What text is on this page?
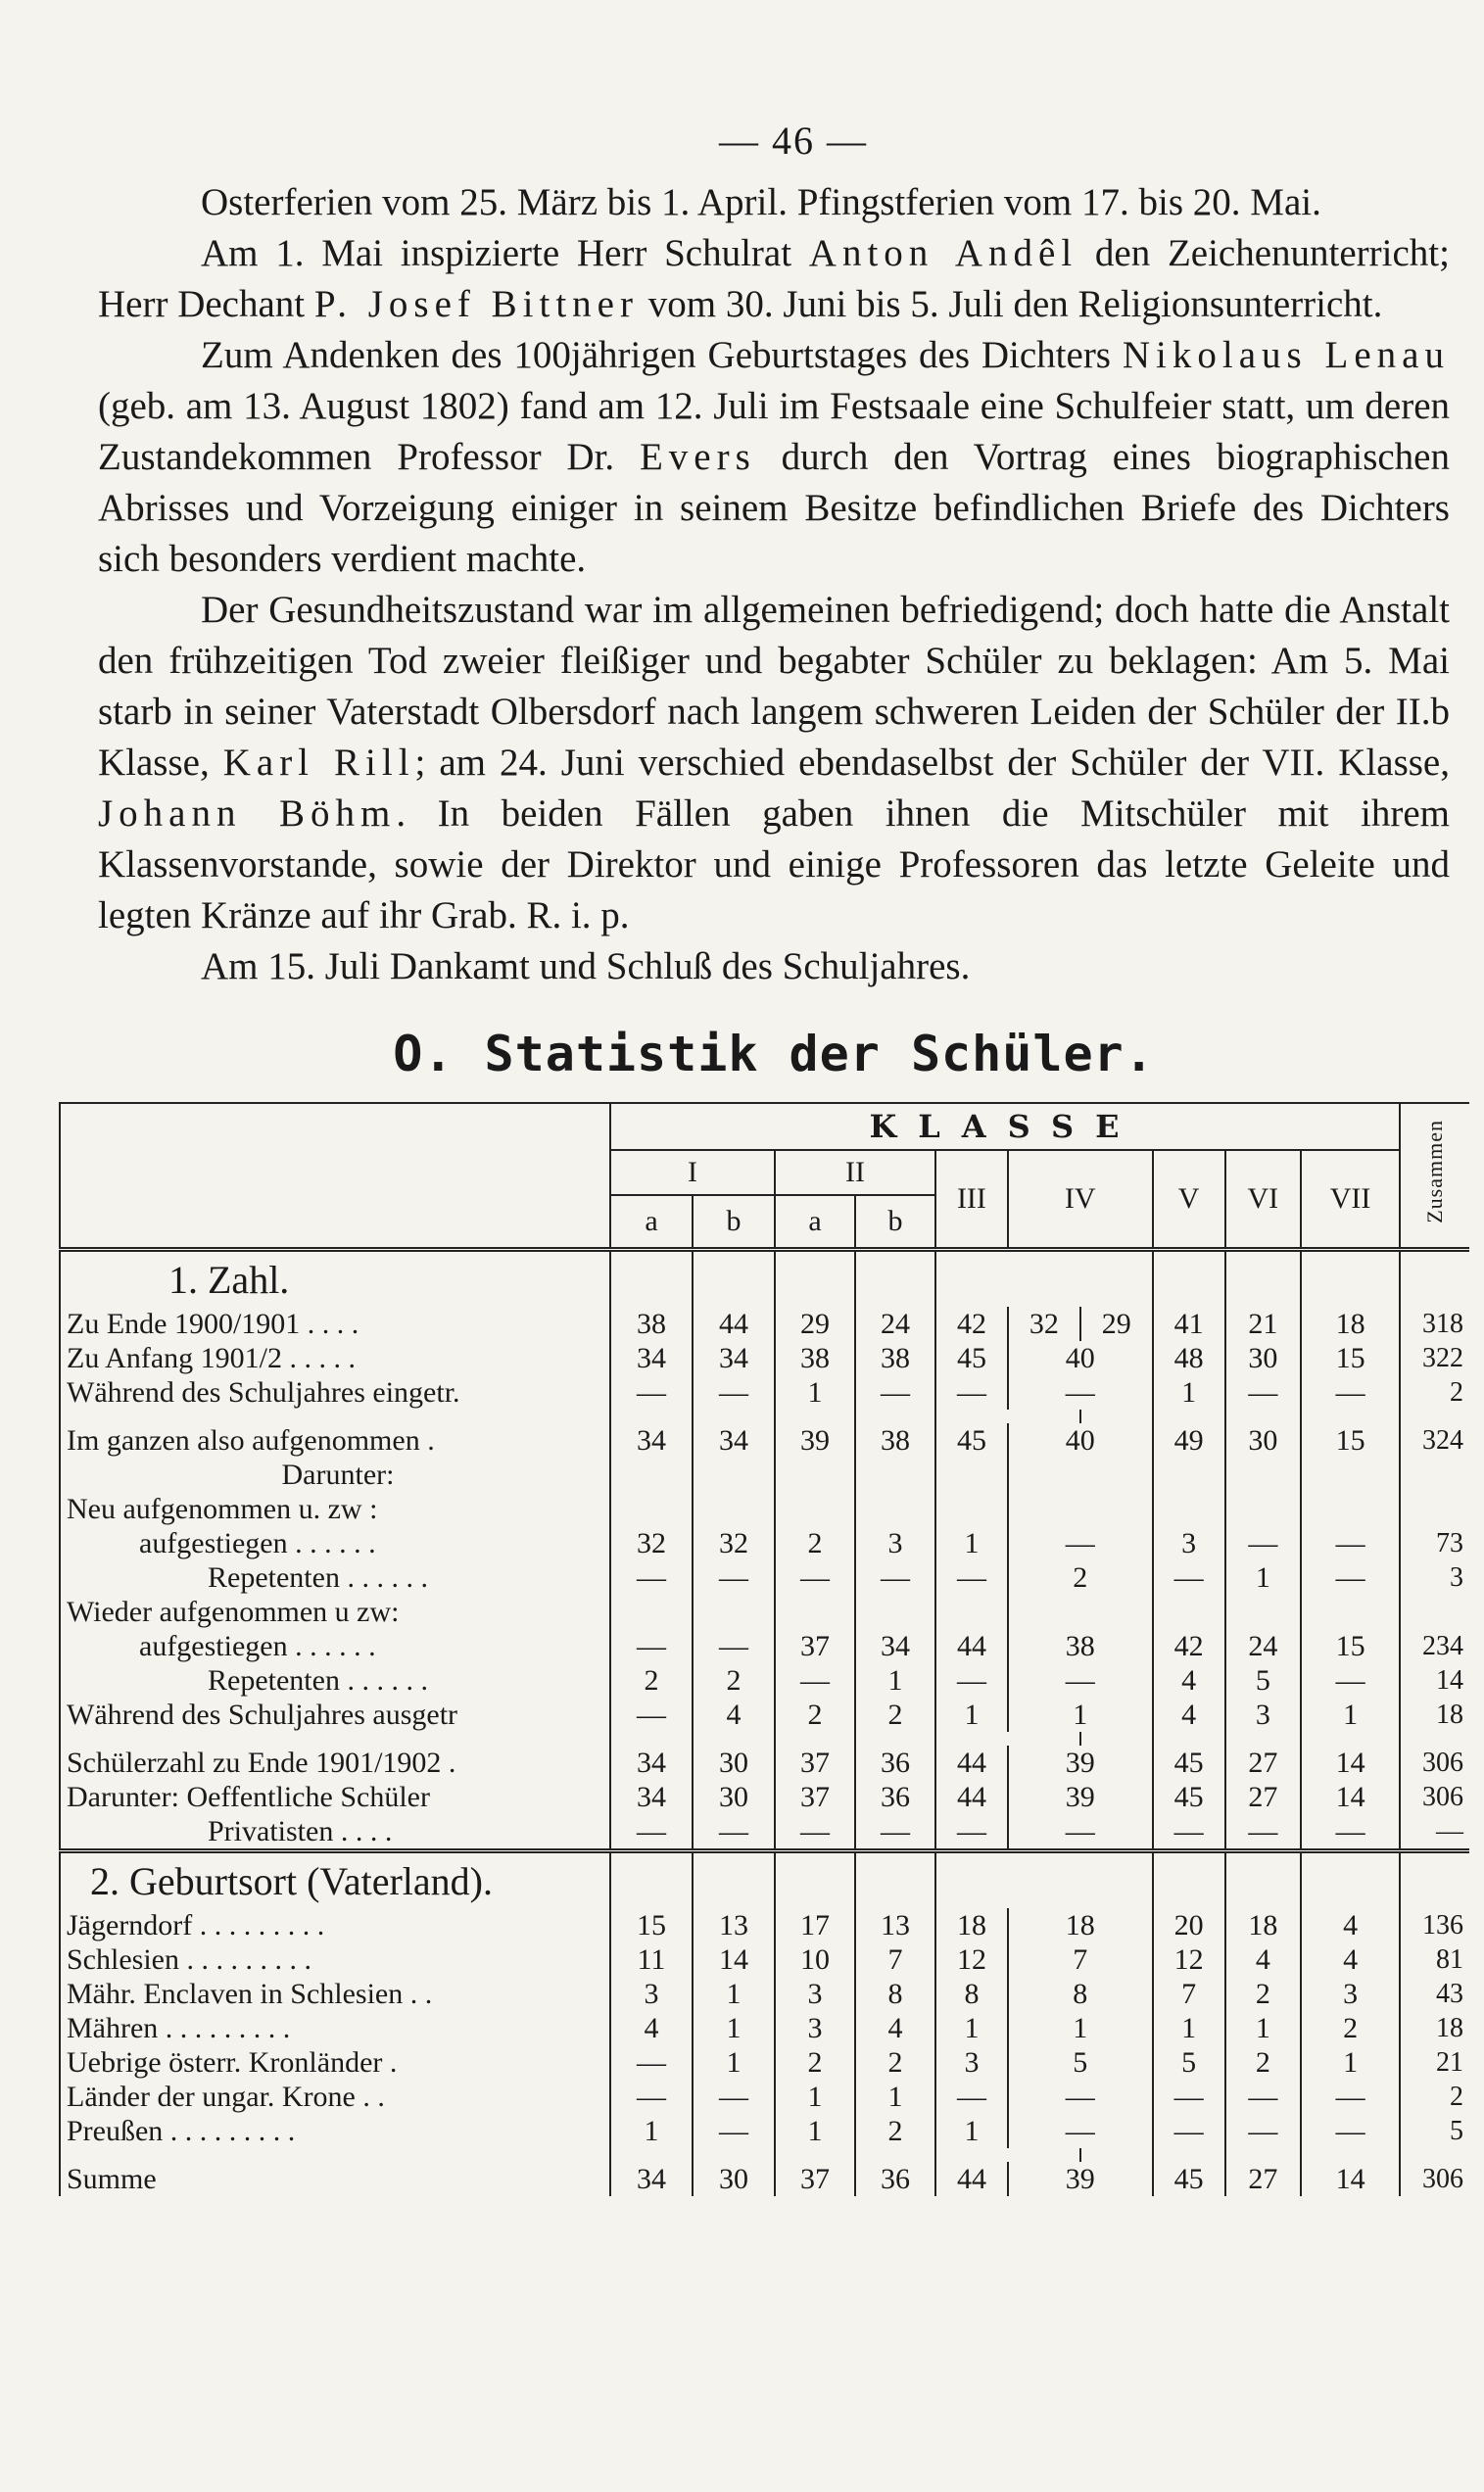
— 46 —

Osterferien vom 25. März bis 1. April. Pfingstferien vom 17. bis 20. Mai.

Am 1. Mai inspizierte Herr Schulrat Anton Andêl den Zeichenunterricht; Herr Dechant P. Josef Bittner vom 30. Juni bis 5. Juli den Religionsunterricht.

Zum Andenken des 100jährigen Geburtstages des Dichters Nikolaus Lenau (geb. am 13. August 1802) fand am 12. Juli im Festsaale eine Schulfeier statt, um deren Zustandekommen Professor Dr. Evers durch den Vortrag eines biographischen Abrisses und Vorzeigung einiger in seinem Besitze befindlichen Briefe des Dichters sich besonders verdient machte.

Der Gesundheitszustand war im allgemeinen befriedigend; doch hatte die Anstalt den frühzeitigen Tod zweier fleißiger und begabter Schüler zu beklagen: Am 5. Mai starb in seiner Vaterstadt Olbersdorf nach langem schweren Leiden der Schüler der II.b Klasse, Karl Rill; am 24. Juni verschied ebendaselbst der Schüler der VII. Klasse, Johann Böhm. In beiden Fällen gaben ihnen die Mitschüler mit ihrem Klassenvorstande, sowie der Direktor und einige Professoren das letzte Geleite und legten Kränze auf ihr Grab. R. i. p.

Am 15. Juli Dankamt und Schluß des Schuljahres.

O. Statistik der Schüler.
	KLASSE										Zusammen
	I		II		III	IV		V	VI	VII	
	a	b	a	b							
1. Zahl.											
Zu Ende 1900/1901 . . . .	38	44	29	24	42	32	29	41	21	18	318
Zu Anfang 1901/2 . . . . .	34	34	38	38	45	40		48	30	15	322
Während des Schuljahres eingetr.	—	—	1	—	—	—		1	—	—	2

Im ganzen also aufgenommen .	34	34	39	38	45	40		49	30	15	324
Darunter:											
Neu aufgenommen u. zw :											
aufgestiegen . . . . . .	32	32	2	3	1	—		3	—	—	73
Repetenten . . . . . .	—	—	—	—	—	2		—	1	—	3
Wieder aufgenommen u zw:											
aufgestiegen . . . . . .	—	—	37	34	44	38		42	24	15	234
Repetenten . . . . . .	2	2	—	1	—	—		4	5	—	14
Während des Schuljahres ausgetr	—	4	2	2	1	1		4	3	1	18

Schülerzahl zu Ende 1901/1902 .	34	30	37	36	44	39		45	27	14	306
Darunter: Oeffentliche Schüler	34	30	37	36	44	39		45	27	14	306
Privatisten . . . .	—	—	—	—	—	—		—	—	—	—
2. Geburtsort (Vaterland).											
Jägerndorf . . . . . . . . .	15	13	17	13	18	18		20	18	4	136
Schlesien . . . . . . . . .	11	14	10	7	12	7		12	4	4	81
Mähr. Enclaven in Schlesien . .	3	1	3	8	8	8		7	2	3	43
Mähren . . . . . . . . .	4	1	3	4	1	1		1	1	2	18
Uebrige österr. Kronländer .	—	1	2	2	3	5		5	2	1	21
Länder der ungar. Krone . .	—	—	1	1	—	—		—	—	—	2
Preußen . . . . . . . . .	1	—	1	2	1	—		—	—	—	5

Summe	34	30	37	36	44	39		45	27	14	306
